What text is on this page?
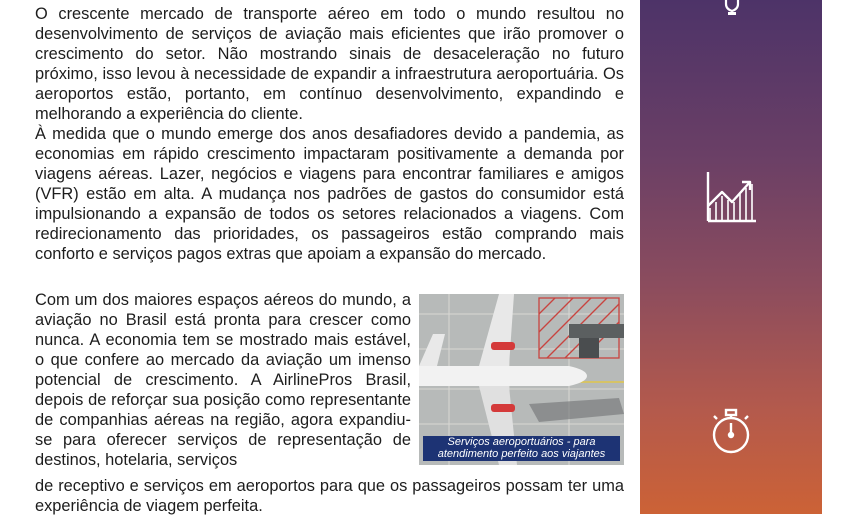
O crescente mercado de transporte aéreo em todo o mundo resultou no desenvolvimento de serviços de aviação mais eficientes que irão promover o crescimento do setor. Não mostrando sinais de desaceleração no futuro próximo, isso levou à necessidade de expandir a infraestrutura aeroportuária. Os aeroportos estão, portanto, em contínuo desenvolvimento, expandindo e melhorando a experiência do cliente.

À medida que o mundo emerge dos anos desafiadores devido a pandemia, as economias em rápido crescimento impactaram positivamente a demanda por viagens aéreas. Lazer, negócios e viagens para encontrar familiares e amigos (VFR) estão em alta. A mudança nos padrões de gastos do consumidor está impulsionando a expansão de todos os setores relacionados a viagens. Com redirecionamento das prioridades, os passageiros estão comprando mais conforto e serviços pagos extras que apoiam a expansão do mercado.

Com um dos maiores espaços aéreos do mundo, a aviação no Brasil está pronta para crescer como nunca. A economia tem se mostrado mais estável, o que confere ao mercado da aviação um imenso potencial de crescimento. A AirlinePros Brasil, depois de reforçar sua posição como representante de companhias aéreas na região, agora expandiu-se para oferecer serviços de representação de destinos, hotelaria, serviços
Serviços aeroportuários - para
atendimento perfeito aos viajantes
de receptivo e serviços em aeroportos para que os passageiros possam ter uma experiência de viagem perfeita.
